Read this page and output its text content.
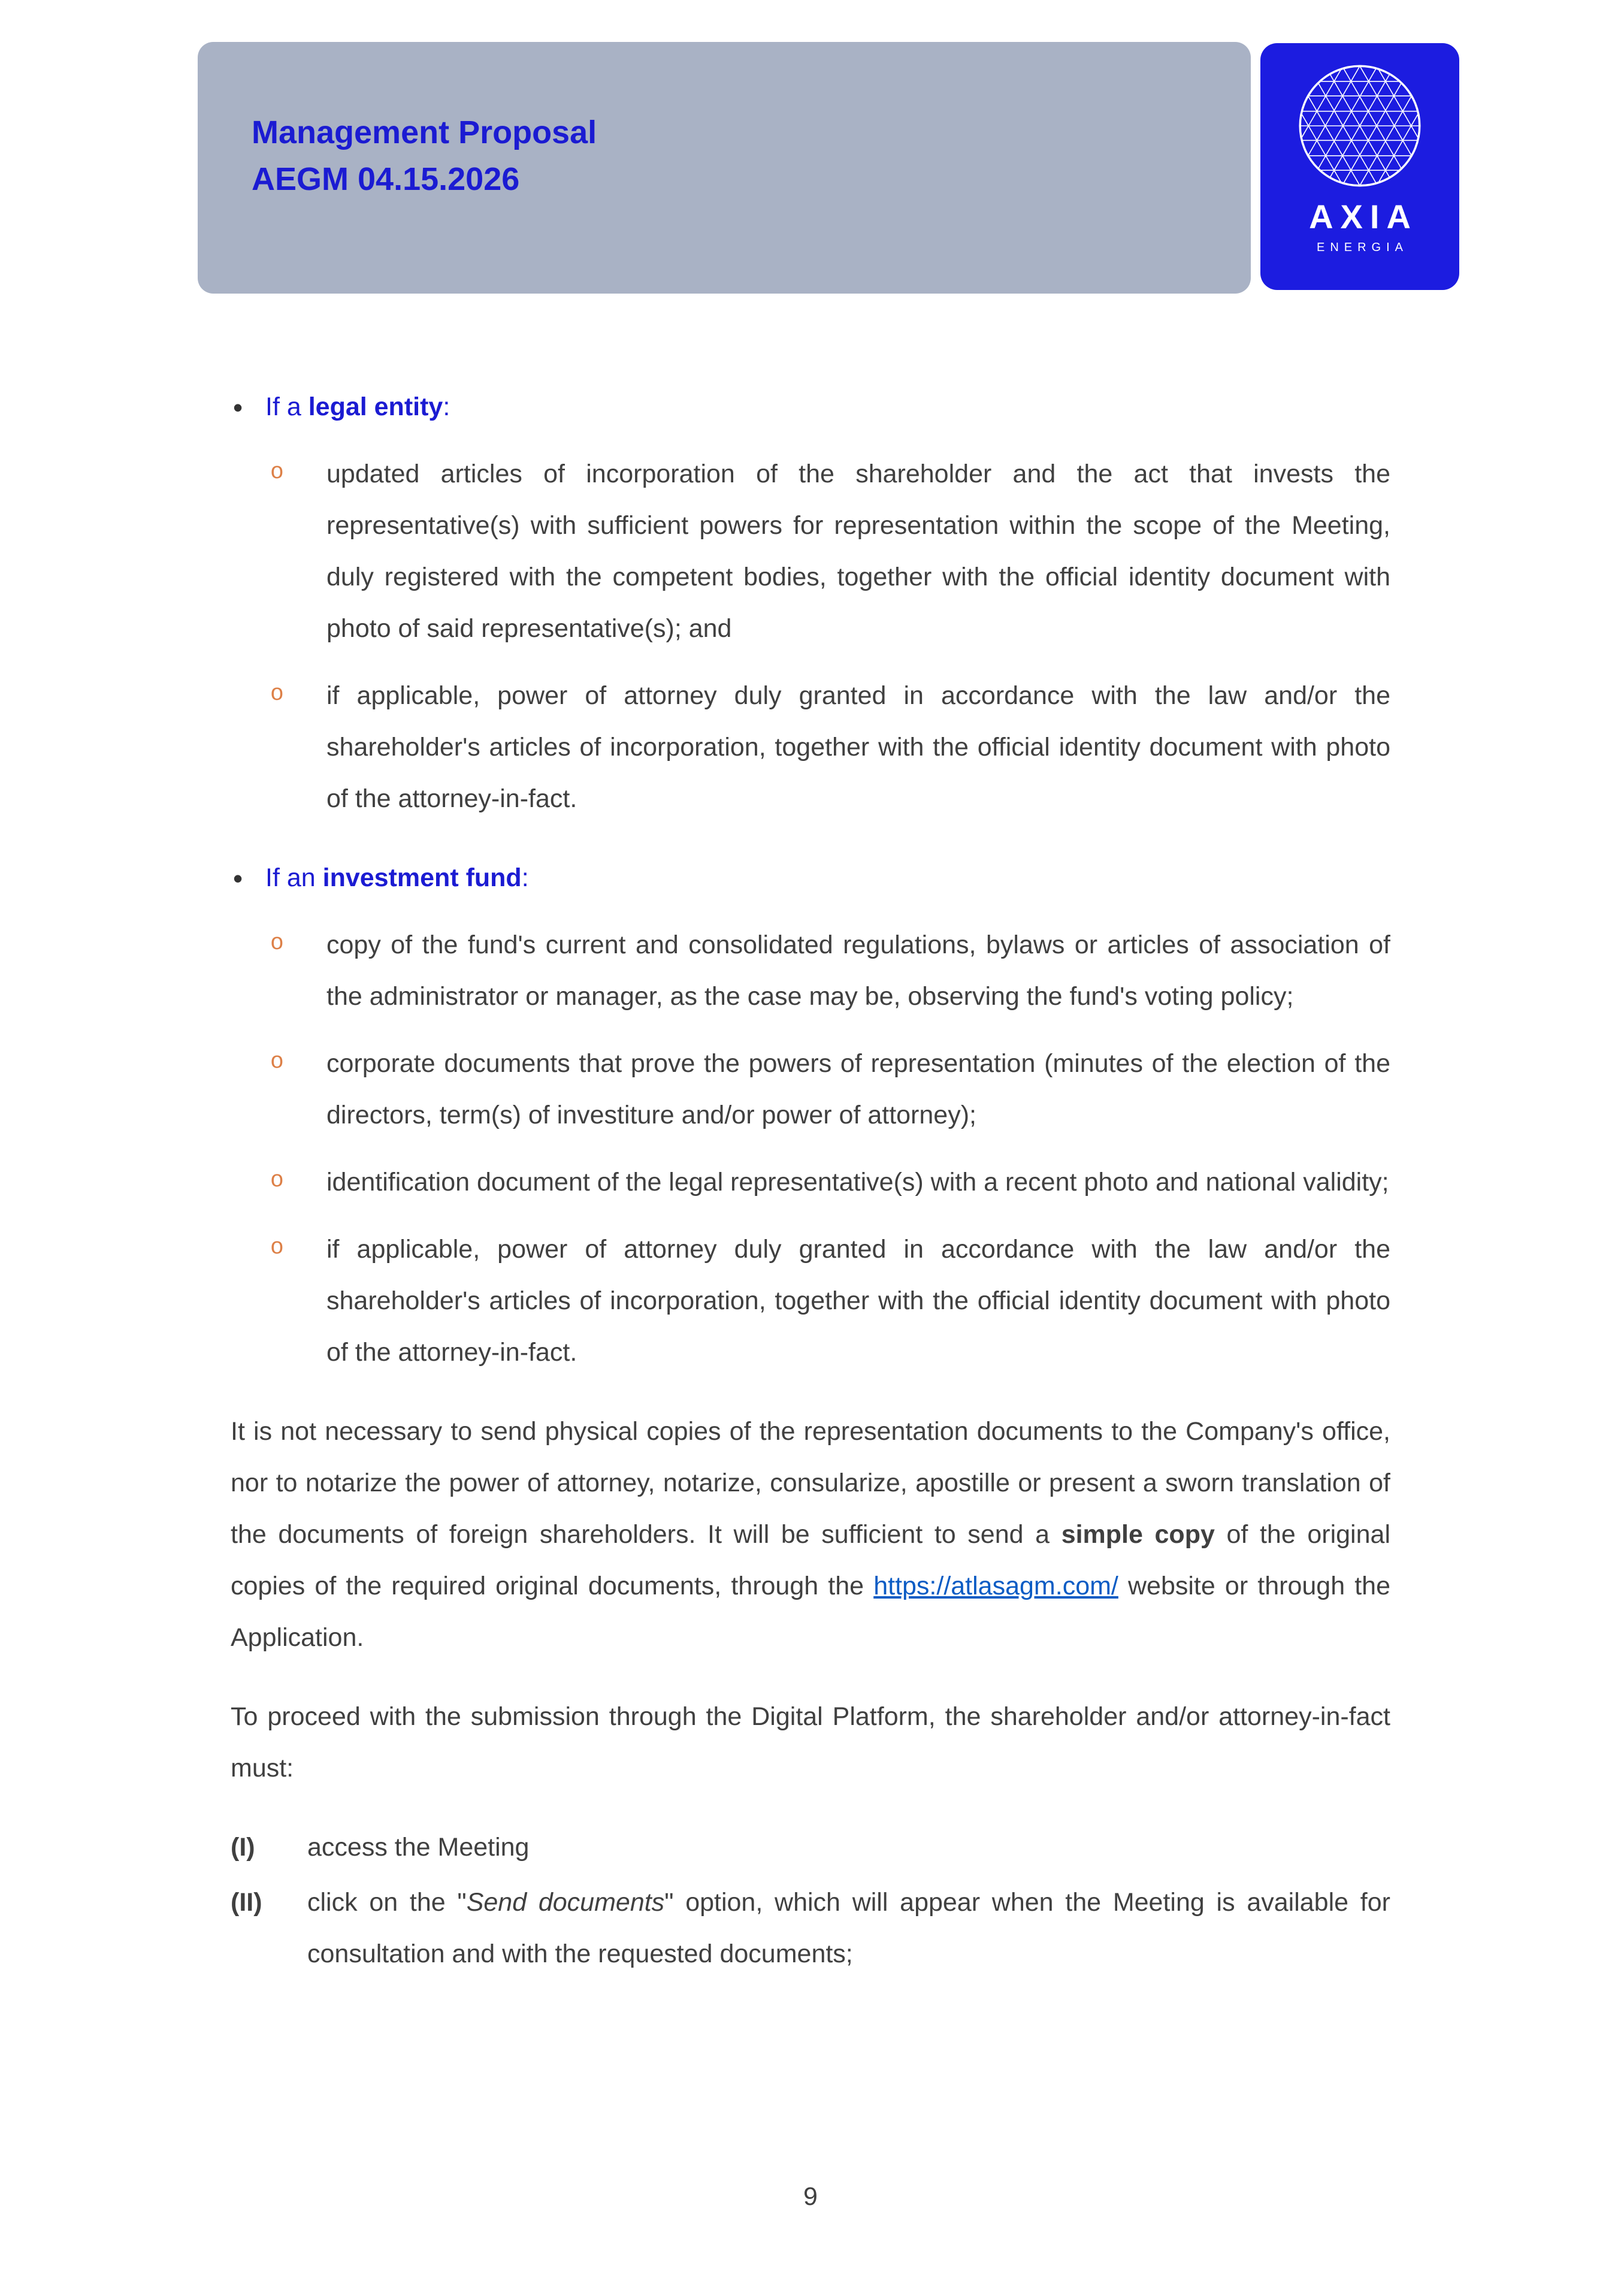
Management Proposal
AEGM 04.15.2026
AXIA
ENERGIA
• If a legal entity:
o updated articles of incorporation of the shareholder and the act that invests the representative(s) with sufficient powers for representation within the scope of the Meeting, duly registered with the competent bodies, together with the official identity document with photo of said representative(s); and
o if applicable, power of attorney duly granted in accordance with the law and/or the shareholder's articles of incorporation, together with the official identity document with photo of the attorney-in-fact.
• If an investment fund:
o copy of the fund's current and consolidated regulations, bylaws or articles of association of the administrator or manager, as the case may be, observing the fund's voting policy;
o corporate documents that prove the powers of representation (minutes of the election of the directors, term(s) of investiture and/or power of attorney);
o identification document of the legal representative(s) with a recent photo and national validity;
o if applicable, power of attorney duly granted in accordance with the law and/or the shareholder's articles of incorporation, together with the official identity document with photo of the attorney-in-fact.

It is not necessary to send physical copies of the representation documents to the Company's office, nor to notarize the power of attorney, notarize, consularize, apostille or present a sworn translation of the documents of foreign shareholders. It will be sufficient to send a simple copy of the original copies of the required original documents, through the https://atlasagm.com/ website or through the Application.

To proceed with the submission through the Digital Platform, the shareholder and/or attorney-in-fact must:

(I) access the Meeting
(II) click on the "Send documents" option, which will appear when the Meeting is available for consultation and with the requested documents;
9
